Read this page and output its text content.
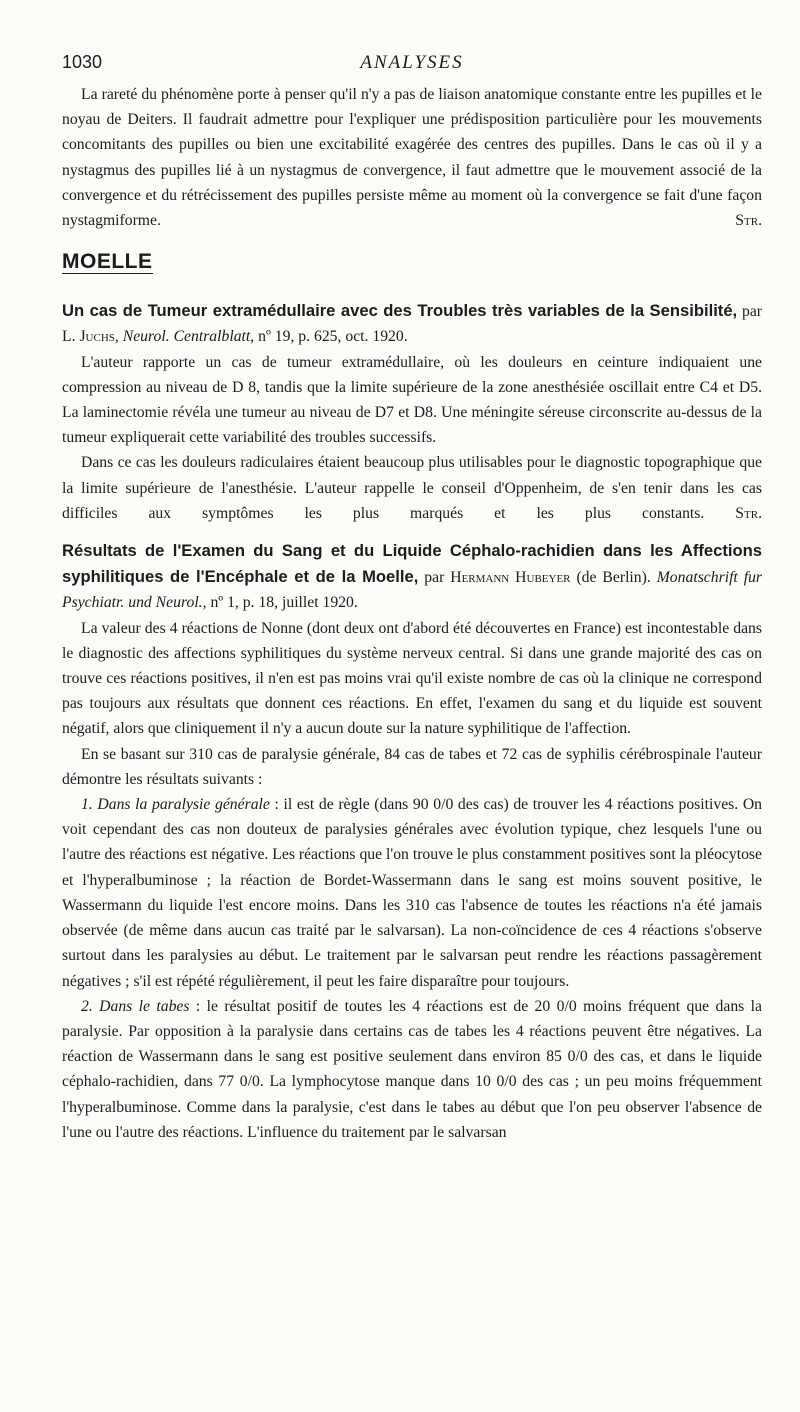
1030	ANALYSES

La rareté du phénomène porte à penser qu'il n'y a pas de liaison anatomique constante entre les pupilles et le noyau de Deiters. Il faudrait admettre pour l'expliquer une prédisposition particulière pour les mouvements concomitants des pupilles ou bien une excitabilité exagérée des centres des pupilles. Dans le cas où il y a nystagmus des pupilles lié à un nystagmus de convergence, il faut admettre que le mouvement associé de la convergence et du rétrécissement des pupilles persiste même au moment où la convergence se fait d'une façon nystagmiforme.	Str.

MOELLE
Un cas de Tumeur extramédullaire avec des Troubles très variables de la Sensibilité, par L. Juchs, Neurol. Centralblatt, nº 19, p. 625, oct. 1920.

L'auteur rapporte un cas de tumeur extramédullaire, où les douleurs en ceinture indiquaient une compression au niveau de D 8, tandis que la limite supérieure de la zone anesthésiée oscillait entre C4 et D5. La laminectomie révéla une tumeur au niveau de D7 et D8. Une méningite séreuse circonscrite au-dessus de la tumeur expliquerait cette variabilité des troubles successifs.

Dans ce cas les douleurs radiculaires étaient beaucoup plus utilisables pour le diagnostic topographique que la limite supérieure de l'anesthésie. L'auteur rappelle le conseil d'Oppenheim, de s'en tenir dans les cas difficiles aux symptômes les plus marqués et les plus constants. Str.

Résultats de l'Examen du Sang et du Liquide Céphalo-rachidien dans les Affections syphilitiques de l'Encéphale et de la Moelle, par Hermann Hubeyer (de Berlin). Monatschrift fur Psychiatr. und Neurol., nº 1, p. 18, juillet 1920.

La valeur des 4 réactions de Nonne (dont deux ont d'abord été découvertes en France) est incontestable dans le diagnostic des affections syphilitiques du système nerveux central. Si dans une grande majorité des cas on trouve ces réactions positives, il n'en est pas moins vrai qu'il existe nombre de cas où la clinique ne correspond pas toujours aux résultats que donnent ces réactions. En effet, l'examen du sang et du liquide est souvent négatif, alors que cliniquement il n'y a aucun doute sur la nature syphilitique de l'affection.

En se basant sur 310 cas de paralysie générale, 84 cas de tabes et 72 cas de syphilis cérébrospinale l'auteur démontre les résultats suivants :

1. Dans la paralysie générale : il est de règle (dans 90 0/0 des cas) de trouver les 4 réactions positives. On voit cependant des cas non douteux de paralysies générales avec évolution typique, chez lesquels l'une ou l'autre des réactions est négative. Les réactions que l'on trouve le plus constamment positives sont la pléocytose et l'hyperalbuminose ; la réaction de Bordet-Wassermann dans le sang est moins souvent positive, le Wassermann du liquide l'est encore moins. Dans les 310 cas l'absence de toutes les réactions n'a été jamais observée (de même dans aucun cas traité par le salvarsan). La non-coïncidence de ces 4 réactions s'observe surtout dans les paralysies au début. Le traitement par le salvarsan peut rendre les réactions passagèrement négatives ; s'il est répété régulièrement, il peut les faire disparaître pour toujours.

2. Dans le tabes : le résultat positif de toutes les 4 réactions est de 20 0/0 moins fréquent que dans la paralysie. Par opposition à la paralysie dans certains cas de tabes les 4 réactions peuvent être négatives. La réaction de Wassermann dans le sang est positive seulement dans environ 85 0/0 des cas, et dans le liquide céphalo-rachidien, dans 77 0/0. La lymphocytose manque dans 10 0/0 des cas ; un peu moins fréquemment l'hyperalbuminose. Comme dans la paralysie, c'est dans le tabes au début que l'on peu observer l'absence de l'une ou l'autre des réactions. L'influence du traitement par le salvarsan
